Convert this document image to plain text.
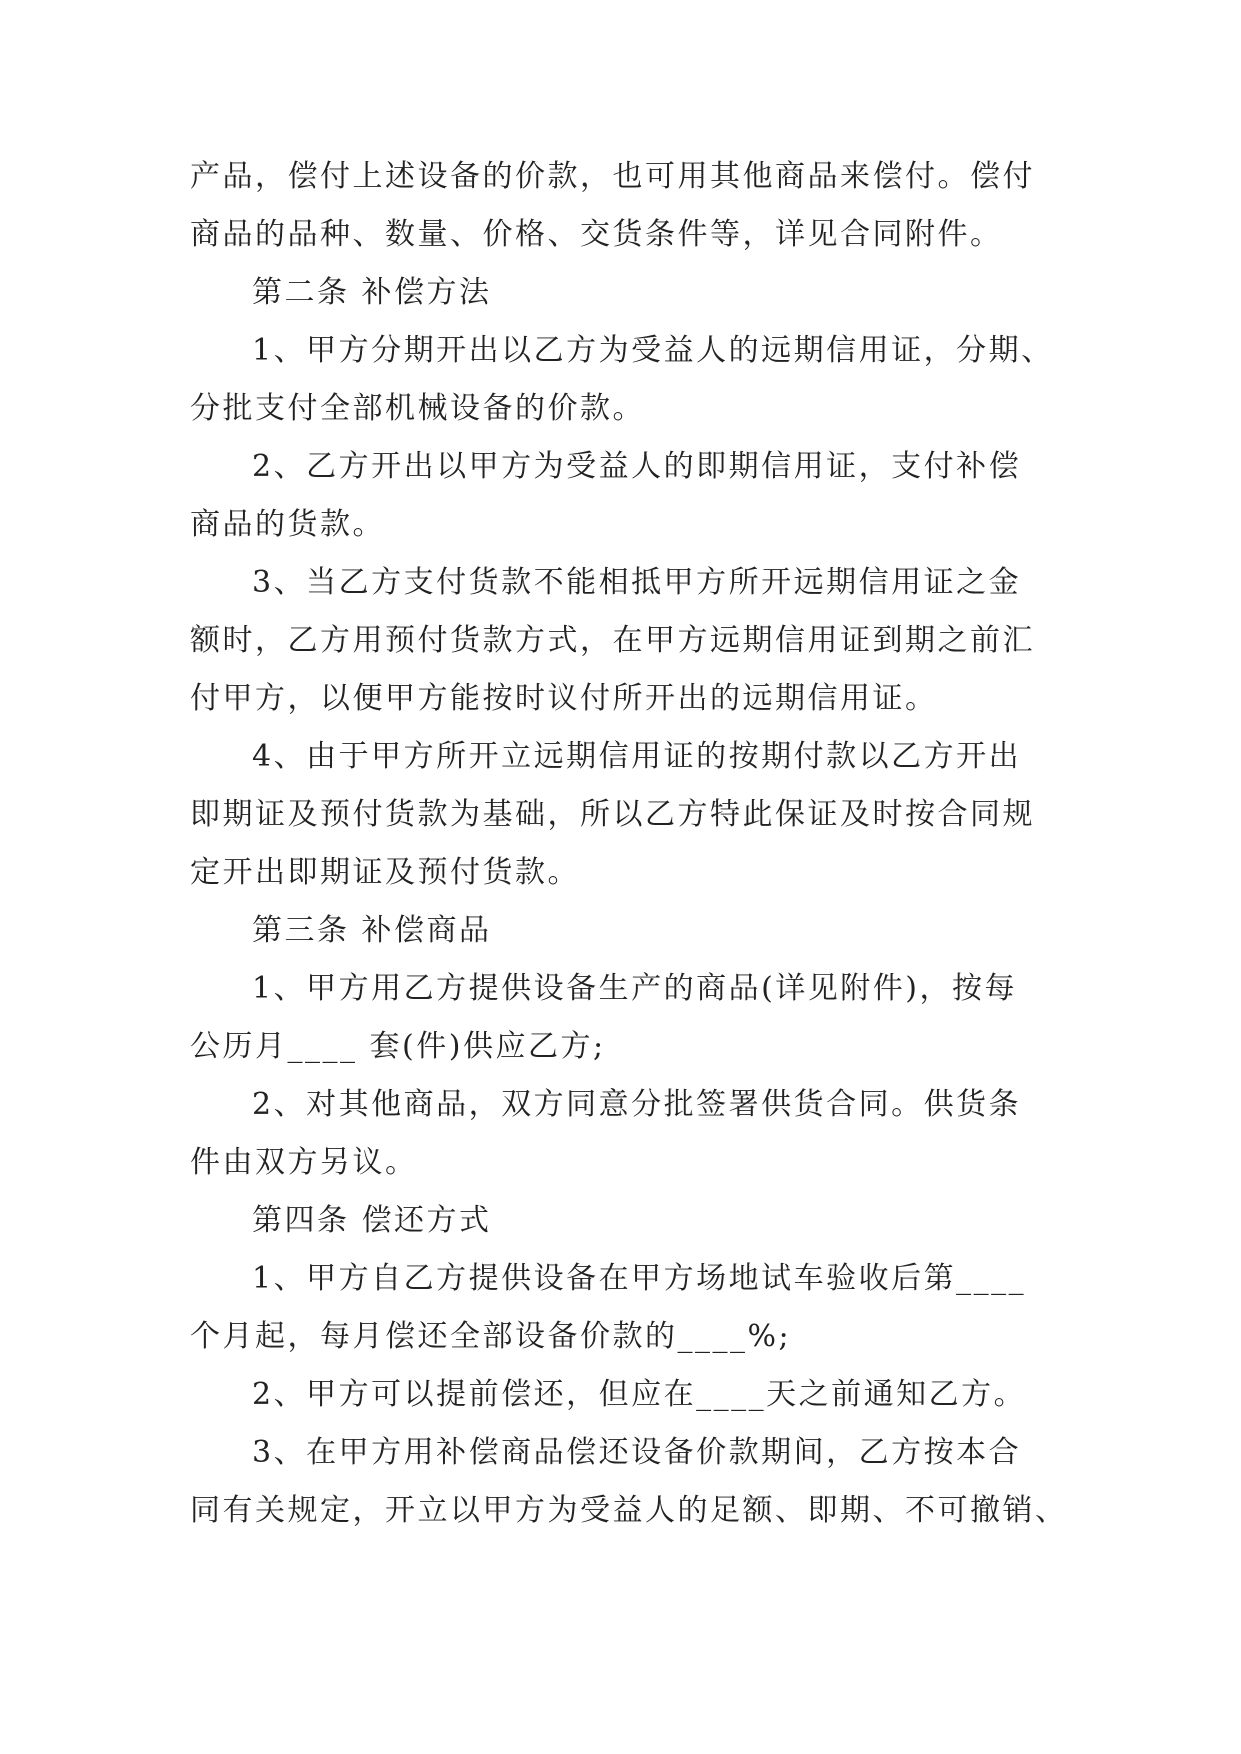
产品，偿付上述设备的价款，也可用其他商品来偿付。偿付
商品的品种、数量、价格、交货条件等，详见合同附件。
第二条 补偿方法
1、甲方分期开出以乙方为受益人的远期信用证，分期、
分批支付全部机械设备的价款。
2、乙方开出以甲方为受益人的即期信用证，支付补偿
商品的货款。
3、当乙方支付货款不能相抵甲方所开远期信用证之金
额时，乙方用预付货款方式，在甲方远期信用证到期之前汇
付甲方，以便甲方能按时议付所开出的远期信用证。
4、由于甲方所开立远期信用证的按期付款以乙方开出
即期证及预付货款为基础，所以乙方特此保证及时按合同规
定开出即期证及预付货款。
第三条 补偿商品
1、甲方用乙方提供设备生产的商品(详见附件)，按每
公历月____ 套(件)供应乙方;
2、对其他商品，双方同意分批签署供货合同。供货条
件由双方另议。
第四条 偿还方式
1、甲方自乙方提供设备在甲方场地试车验收后第____
个月起，每月偿还全部设备价款的____%;
2、甲方可以提前偿还，但应在____天之前通知乙方。
3、在甲方用补偿商品偿还设备价款期间，乙方按本合
同有关规定，开立以甲方为受益人的足额、即期、不可撤销、
